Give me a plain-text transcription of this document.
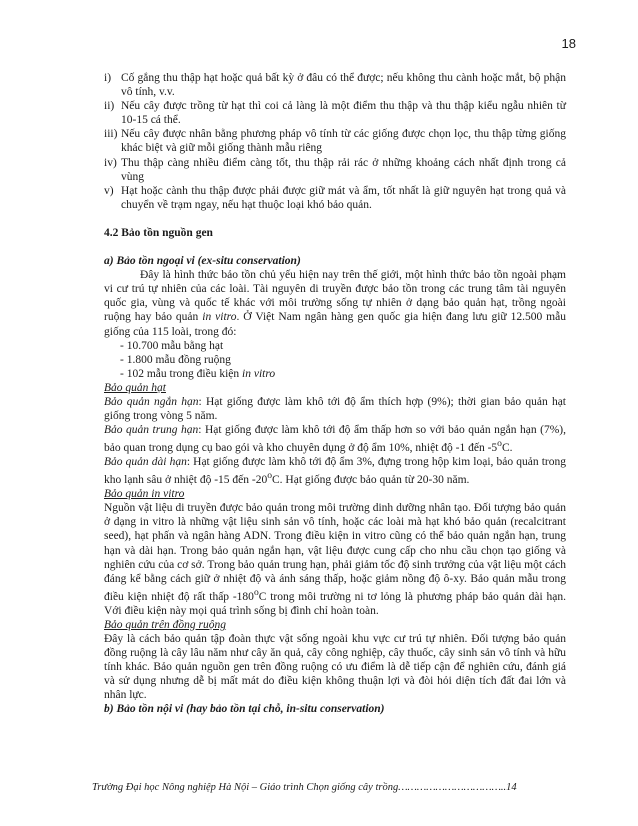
18
i) Cố gắng thu thập hạt hoặc quả bất kỳ ở đâu có thể được; nếu không thu cành hoặc mắt, bộ phận vô tính, v.v.
ii) Nếu cây được trồng từ hạt thì coi cả làng là một điểm thu thập và thu thập kiểu ngẫu nhiên từ 10-15 cá thể.
iii) Nếu cây được nhân bằng phương pháp vô tính từ các giống được chọn lọc, thu thập từng giống khác biệt và giữ mỗi giống thành mẫu riêng
iv) Thu thập càng nhiều điểm càng tốt, thu thập rải rác ở những khoảng cách nhất định trong cả vùng
v) Hạt hoặc cành thu thập được phải được giữ mát và ẩm, tốt nhất là giữ nguyên hạt trong quả và chuyển về trạm ngay, nếu hạt thuộc loại khó bảo quản.
4.2 Bảo tồn nguồn gen
a) Bảo tồn ngoại vi (ex-situ conservation)

Đây là hình thức bảo tồn chủ yếu hiện nay trên thế giới, một hình thức bảo tồn ngoài phạm vi cư trú tự nhiên của các loài. Tài nguyên di truyền được bảo tồn trong các trung tâm tài nguyên quốc gia, vùng và quốc tế khác với môi trường sống tự nhiên ở dạng bảo quản hạt, trồng ngoài ruộng hay bảo quản in vitro. Ở Việt Nam ngân hàng gen quốc gia hiện đang lưu giữ 12.500 mẫu giống của 115 loài, trong đó:

- 10.700 mẫu bằng hạt
- 1.800 mẫu đồng ruộng
- 102 mẫu trong điều kiện in vitro
Bảo quản hạt

Bảo quản ngắn hạn: Hạt giống được làm khô tới độ ẩm thích hợp (9%); thời gian bảo quản hạt giống trong vòng 5 năm.

Bảo quản trung hạn: Hạt giống được làm khô tới độ ẩm thấp hơn so với bảo quản ngắn hạn (7%), bảo quan trong dụng cụ bao gói và kho chuyên dụng ở độ ẩm 10%, nhiệt độ -1 đến -5$^o$C.

Bảo quản dài hạn: Hạt giống được làm khô tới độ ẩm 3%, đựng trong hộp kim loại, bảo quản trong kho lạnh sâu ở nhiệt độ -15 đến -20$^o$C. Hạt giống được bảo quản từ 20-30 năm.

Bảo quản in vitro

Nguồn vật liệu di truyền được bảo quản trong môi trường dinh dưỡng nhân tạo. Đối tượng bảo quản ở dạng in vitro là những vật liệu sinh sản vô tính, hoặc các loài mà hạt khó bảo quản (recalcitrant seed), hạt phấn và ngân hàng ADN. Trong điều kiện in vitro cũng có thể bảo quản ngắn hạn, trung hạn và dài hạn. Trong bảo quản ngắn hạn, vật liệu được cung cấp cho nhu cầu chọn tạo giống và nghiên cứu của cơ sở. Trong bảo quản trung hạn, phải giảm tốc độ sinh trưởng của vật liệu một cách đáng kể bằng cách giữ ở nhiệt độ và ánh sáng thấp, hoặc giảm nồng độ ô-xy. Bảo quản mẫu trong điều kiện nhiệt độ rất thấp -180$^o$C trong môi trường ni tơ lỏng là phương pháp bảo quản dài hạn. Với điều kiện này mọi quá trình sống bị đình chỉ hoàn toàn.

Bảo quản trên đồng ruộng

Đây là cách bảo quản tập đoàn thực vật sống ngoài khu vực cư trú tự nhiên. Đối tượng bảo quản đồng ruộng là cây lâu năm như cây ăn quả, cây công nghiệp, cây thuốc, cây sinh sản vô tính và hữu tính khác. Bảo quản nguồn gen trên đồng ruộng có ưu điểm là dễ tiếp cận để nghiên cứu, đánh giá và sử dụng nhưng dễ bị mất mát do điều kiện không thuận lợi và đòi hỏi diện tích đất đai lớn và nhân lực.

b) Bảo tồn nội vi (hay bảo tồn tại chỗ, in-situ conservation)
Trường Đại học Nông nghiệp Hà Nội – Giáo trình Chọn giống cây trồng……………………………..14
